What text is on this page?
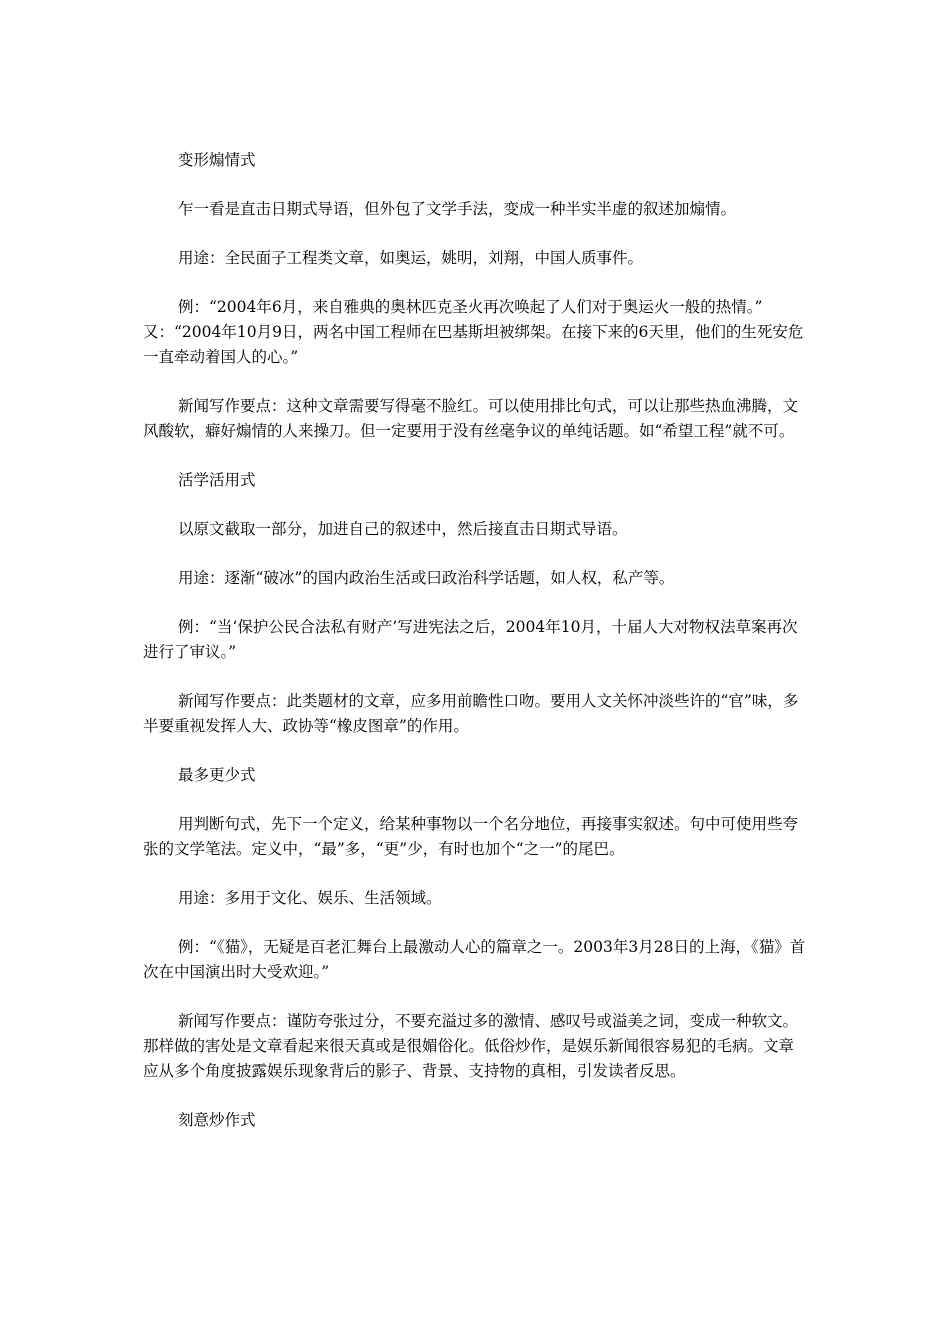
变形煽情式

乍一看是直击日期式导语，但外包了文学手法，变成一种半实半虚的叙述加煽情。

用途：全民面子工程类文章，如奥运，姚明，刘翔，中国人质事件。

例：“2004年6月，来自雅典的奥林匹克圣火再次唤起了人们对于奥运火一般的热情。”

又：“2004年10月9日，两名中国工程师在巴基斯坦被绑架。在接下来的6天里，他们的生死安危一直牵动着国人的心。”

新闻写作要点：这种文章需要写得毫不脸红。可以使用排比句式，可以让那些热血沸腾，文风酸软，癖好煽情的人来操刀。但一定要用于没有丝毫争议的单纯话题。如“希望工程”就不可。

活学活用式

以原文截取一部分，加进自己的叙述中，然后接直击日期式导语。

用途：逐渐“破冰”的国内政治生活或曰政治科学话题，如人权，私产等。

例：“当‘保护公民合法私有财产’写进宪法之后，2004年10月，十届人大对物权法草案再次进行了审议。”

新闻写作要点：此类题材的文章，应多用前瞻性口吻。要用人文关怀冲淡些许的“官”味，多半要重视发挥人大、政协等“橡皮图章”的作用。

最多更少式

用判断句式，先下一个定义，给某种事物以一个名分地位，再接事实叙述。句中可使用些夸张的文学笔法。定义中，“最”多，“更”少，有时也加个“之一”的尾巴。

用途：多用于文化、娱乐、生活领域。

例：“《猫》，无疑是百老汇舞台上最激动人心的篇章之一。2003年3月28日的上海，《猫》首次在中国演出时大受欢迎。”

新闻写作要点：谨防夸张过分，不要充溢过多的激情、感叹号或溢美之词，变成一种软文。那样做的害处是文章看起来很天真或是很媚俗化。低俗炒作，是娱乐新闻很容易犯的毛病。文章应从多个角度披露娱乐现象背后的影子、背景、支持物的真相，引发读者反思。

刻意炒作式
